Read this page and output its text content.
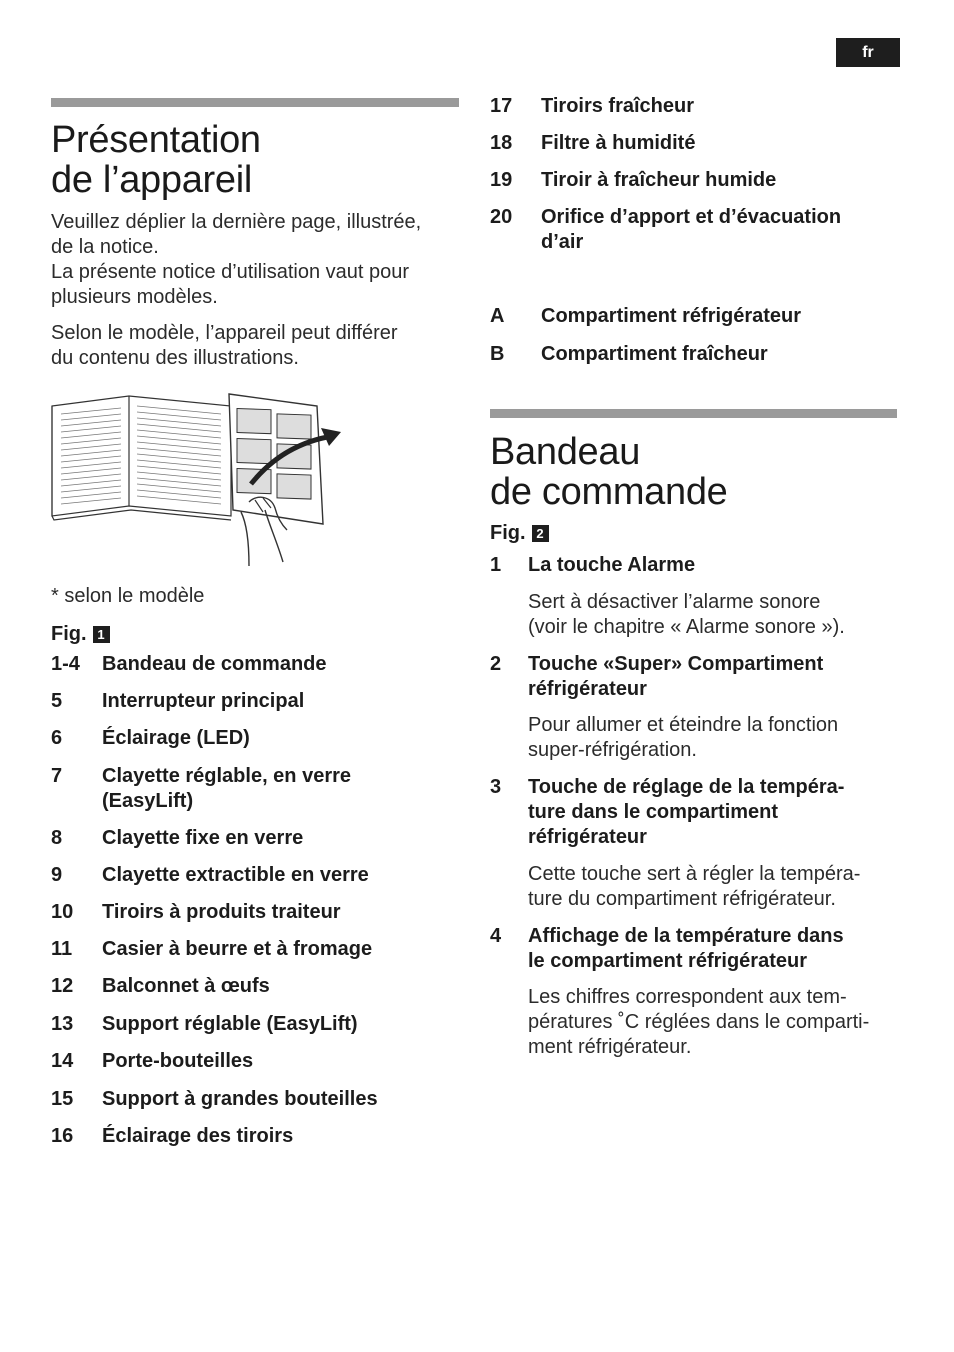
fr
Présentation
de l’appareil
Veuillez déplier la dernière page, illustrée,
de la notice.
La présente notice d’utilisation vaut pour
plusieurs modèles.
Selon le modèle, l’appareil peut différer
du contenu des illustrations.
* selon le modèle
Fig. 1
1-4 Bandeau de commande
5 Interrupteur principal
6 Éclairage (LED)
7 Clayette réglable, en verre
(EasyLift)
8 Clayette fixe en verre
9 Clayette extractible en verre
10 Tiroirs à produits traiteur
11 Casier à beurre et à fromage
12 Balconnet à œufs
13 Support réglable (EasyLift)
14 Porte-bouteilles
15 Support à grandes bouteilles
16 Éclairage des tiroirs
17 Tiroirs fraîcheur
18 Filtre à humidité
19 Tiroir à fraîcheur humide
20 Orifice d’apport et d’évacuation
d’air
A Compartiment réfrigérateur
B Compartiment fraîcheur
Bandeau
de commande
Fig. 2
1 La touche Alarme
Sert à désactiver l’alarme sonore
(voir le chapitre « Alarme sonore »).
2 Touche «Super» Compartiment
réfrigérateur
Pour allumer et éteindre la fonction
super-réfrigération.
3 Touche de réglage de la tempéra-
ture dans le compartiment
réfrigérateur
Cette touche sert à régler la tempéra-
ture du compartiment réfrigérateur.
4 Affichage de la température dans
le compartiment réfrigérateur
Les chiffres correspondent aux tem-
pératures ˚C réglées dans le comparti-
ment réfrigérateur.
